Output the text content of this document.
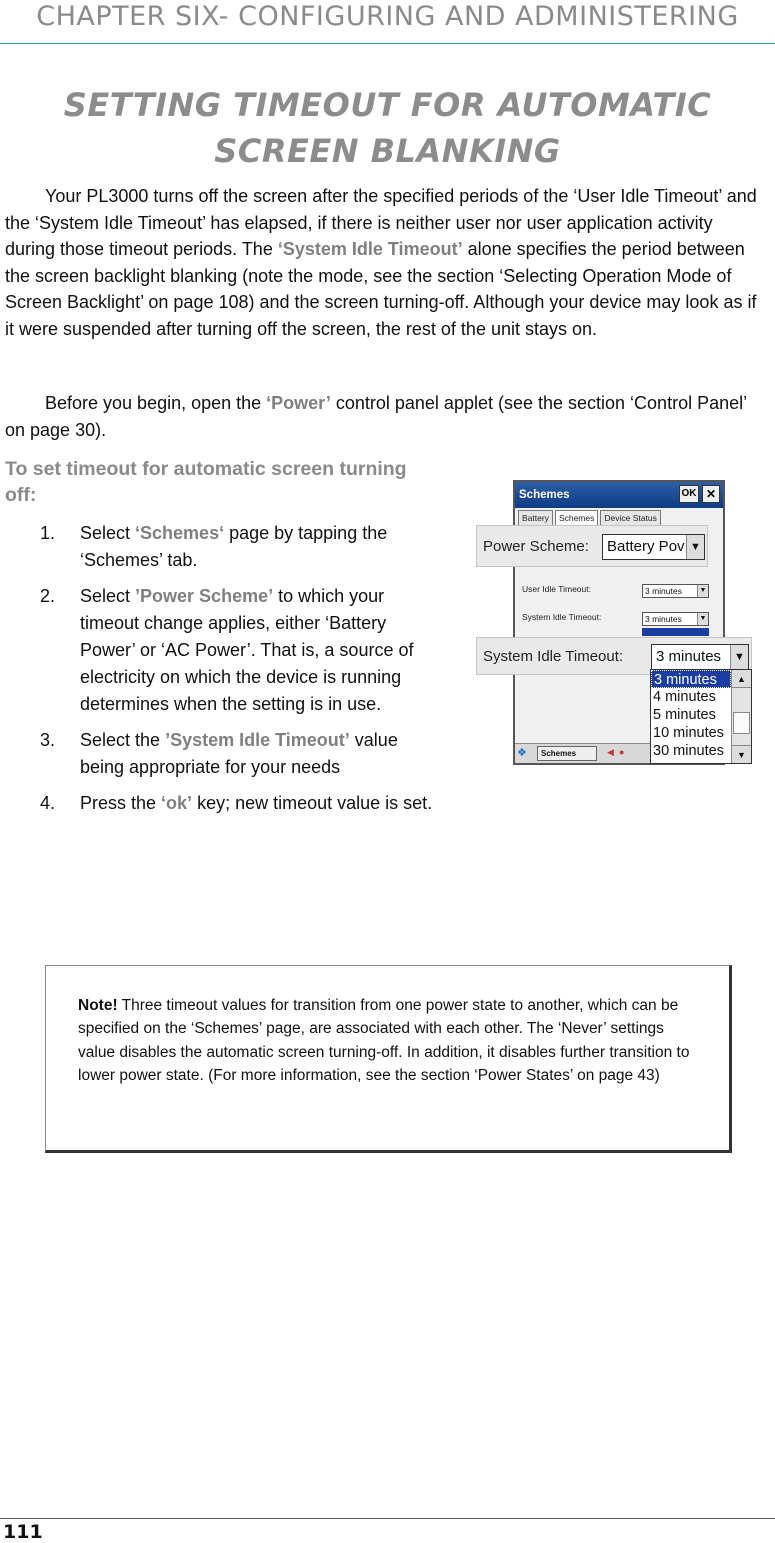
CHAPTER SIX- CONFIGURING AND ADMINISTERING
SETTING TIMEOUT FOR AUTOMATIC
SCREEN BLANKING
Your PL3000 turns off the screen after the specified periods of the ‘User Idle Timeout’ and the ‘System Idle Timeout’ has elapsed, if there is neither user nor user application activity during those timeout periods. The ‘System Idle Timeout’ alone specifies the period between the screen backlight blanking (note the mode, see the section ‘Selecting Operation Mode of Screen Backlight’ on page 108) and the screen turning-off. Although your device may look as if it were suspended after turning off the screen, the rest of the unit stays on.
Before you begin, open the ‘Power’ control panel applet (see the section ‘Control Panel’ on page 30).
To set timeout for automatic screen turning off:
1. Select ‘Schemes‘ page by tapping the ‘Schemes’ tab.
2. Select ’Power Scheme’ to which your timeout change applies, either ‘Battery Power’ or ‘AC Power’. That is, a source of electricity on which the device is running determines when the setting is in use.
3. Select the ’System Idle Timeout’ value being appropriate for your needs
4. Press the ‘ok’ key; new timeout value is set.
Schemes	OK ✕
Battery	Schemes	Device Status
User Idle Timeout:	3 minutes	▼
System Idle Timeout:	3 minutes	▼
❖	Schemes	◀ ●
Power Scheme:	Battery Pov ▼
System Idle Timeout:	3 minutes	▼
3 minutes
4 minutes
5 minutes
10 minutes
30 minutes
▲
▼
Note! Three timeout values for transition from one power state to another, which can be specified on the ‘Schemes’ page, are associated with each other. The ‘Never’ settings value disables the automatic screen turning-off. In addition, it disables further transition to lower power state. (For more information, see the section ‘Power States’ on page 43)
111
